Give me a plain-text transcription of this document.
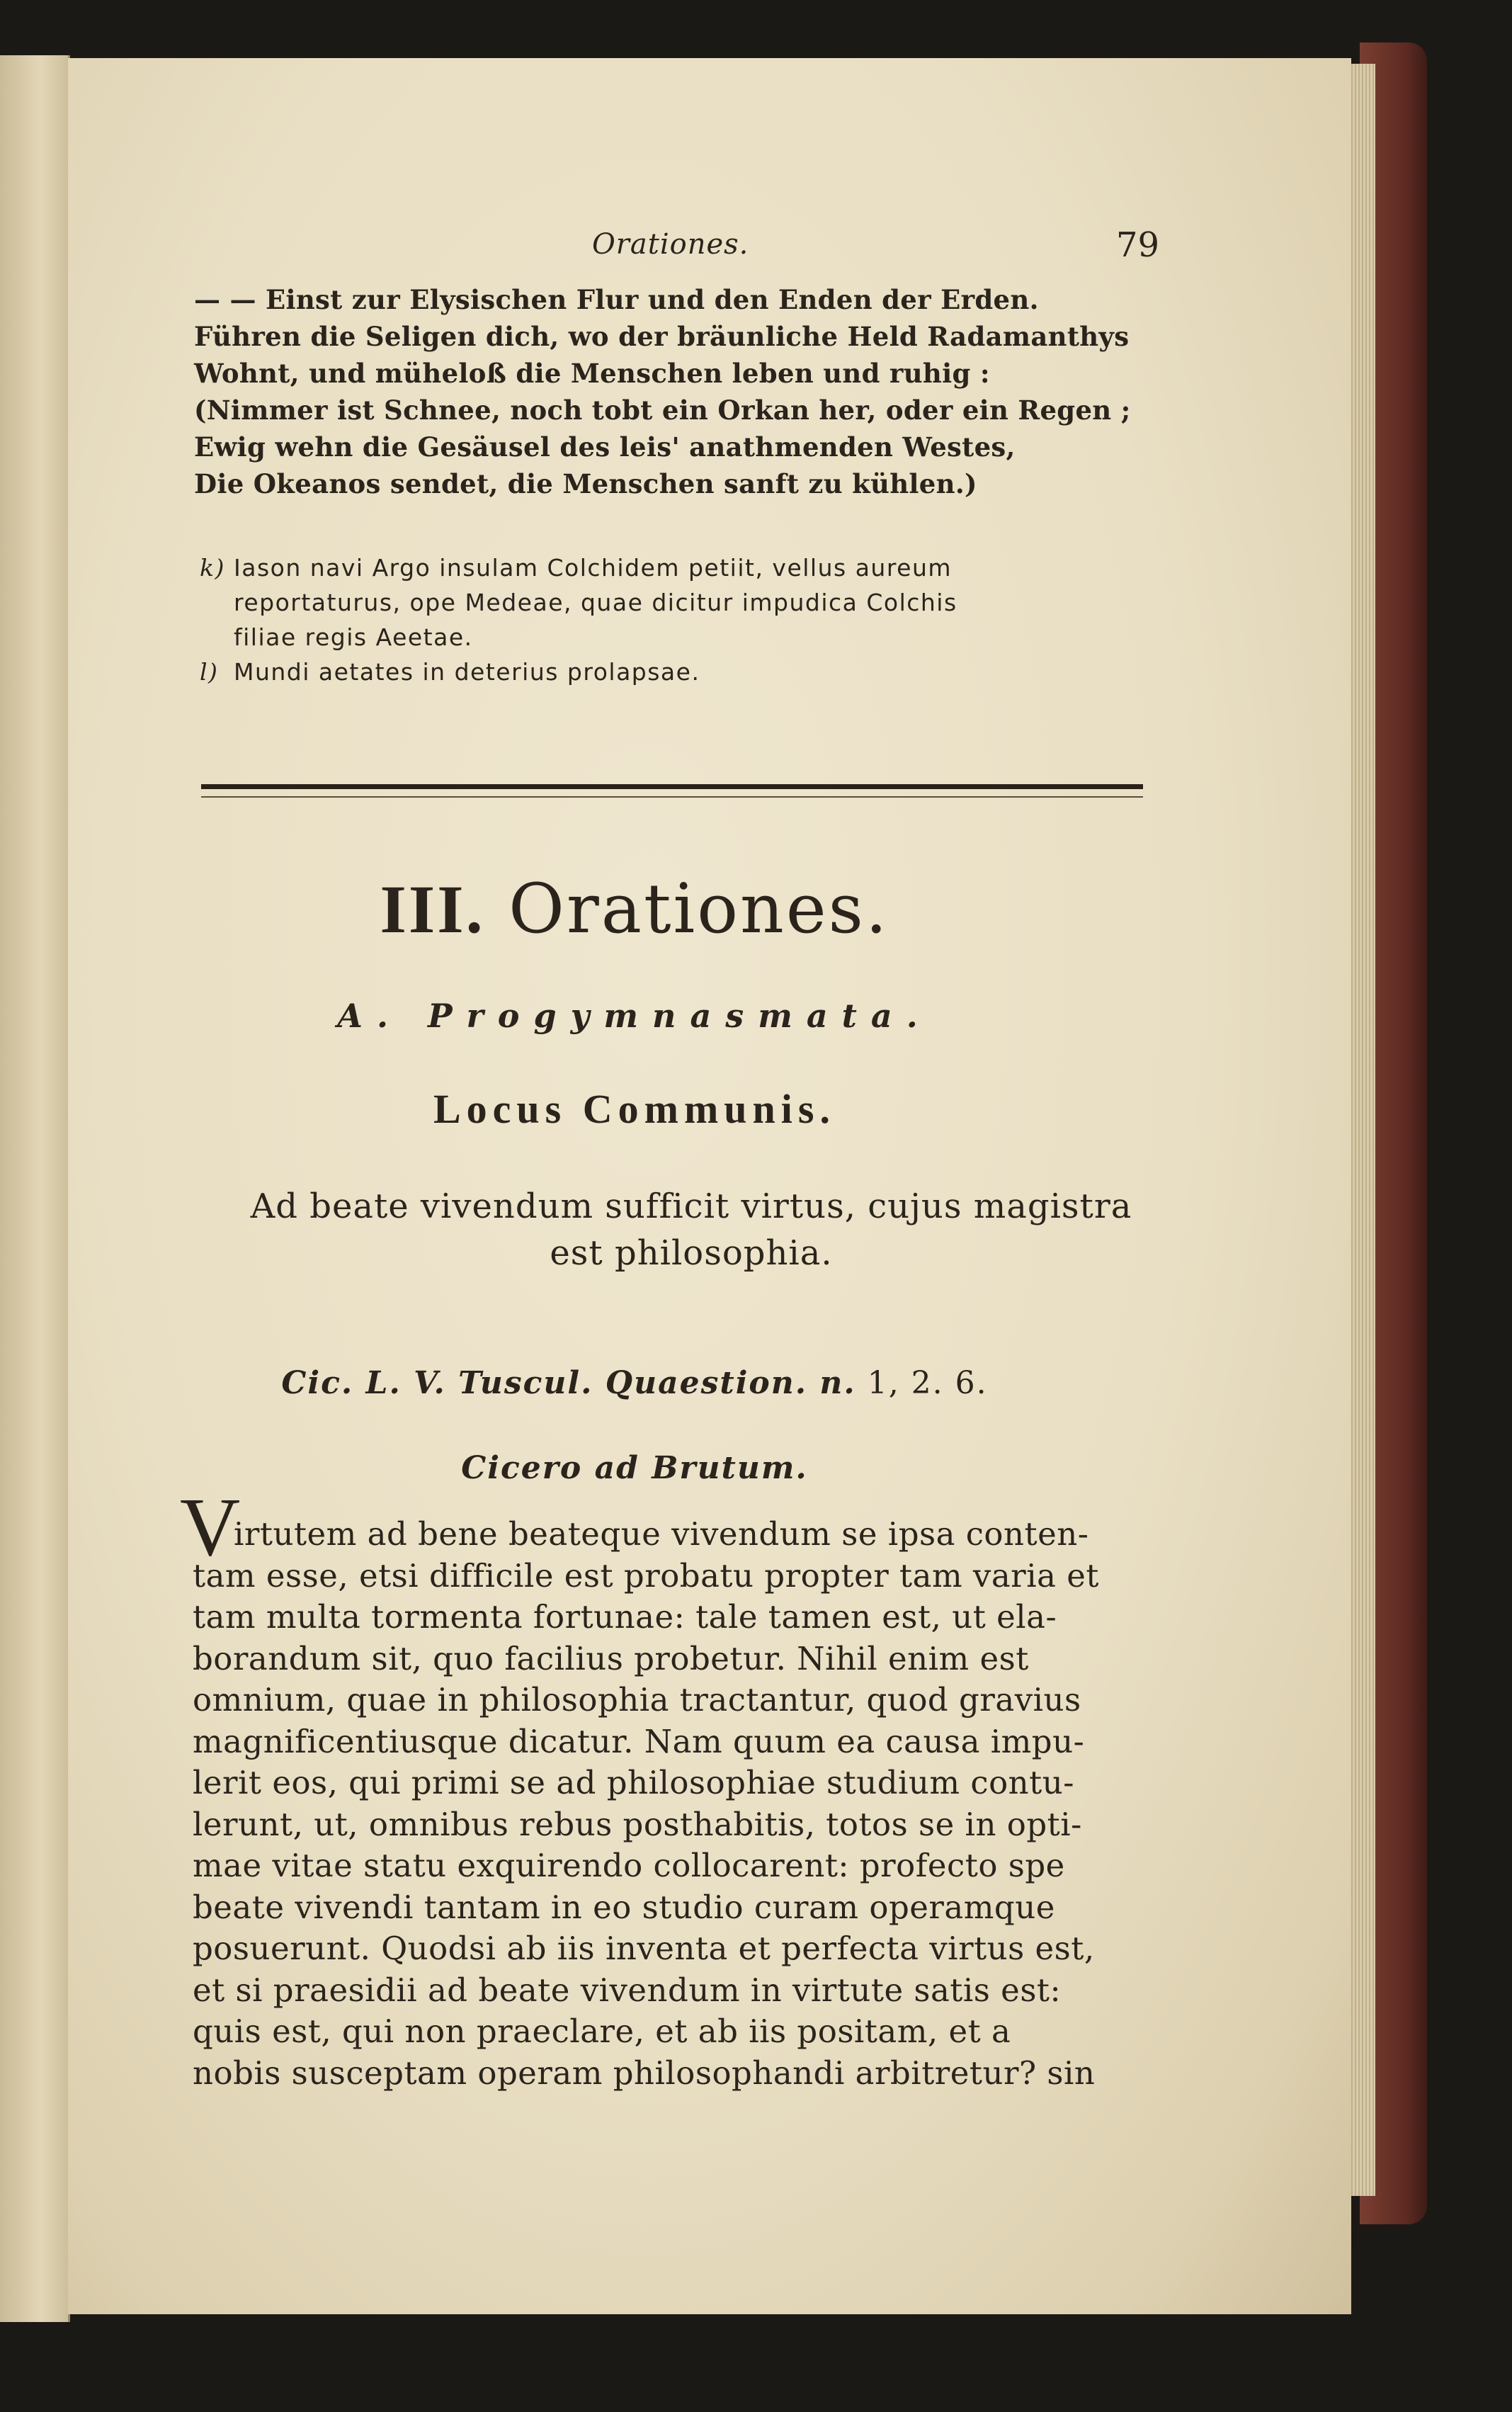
Orationes.	79
— — Einst zur Elysischen Flur und den Enden der Erden.
Führen die Seligen dich, wo der bräunliche Held Radamanthys
Wohnt, und müheloß die Menschen leben und ruhig :
(Nimmer ist Schnee, noch tobt ein Orkan her, oder ein Regen ;
Ewig wehn die Gesäusel des leis' anathmenden Westes,
Die Okeanos sendet, die Menschen sanft zu kühlen.)
k) Iason navi Argo insulam Colchidem petiit, vellus aureum
reportaturus, ope Medeae, quae dicitur impudica Colchis
filiae regis Aeetae.
l) Mundi aetates in deterius prolapsae.
III. Orationes.
A. Progymnasmata.
Locus Communis.
Ad beate vivendum sufficit virtus, cujus magistra
est philosophia.
Cic. L. V. Tuscul. Quaestion. n. 1, 2. 6.
Cicero ad Brutum.
V
irtutem ad bene beateque vivendum se ipsa conten-
tam esse, etsi difficile est probatu propter tam varia et
tam multa tormenta fortunae: tale tamen est, ut ela-
borandum sit, quo facilius probetur. Nihil enim est
omnium, quae in philosophia tractantur, quod gravius
magnificentiusque dicatur. Nam quum ea causa impu-
lerit eos, qui primi se ad philosophiae studium contu-
lerunt, ut, omnibus rebus posthabitis, totos se in opti-
mae vitae statu exquirendo collocarent: profecto spe
beate vivendi tantam in eo studio curam operamque
posuerunt. Quodsi ab iis inventa et perfecta virtus est,
et si praesidii ad beate vivendum in virtute satis est:
quis est, qui non praeclare, et ab iis positam, et a
nobis susceptam operam philosophandi arbitretur? sin
